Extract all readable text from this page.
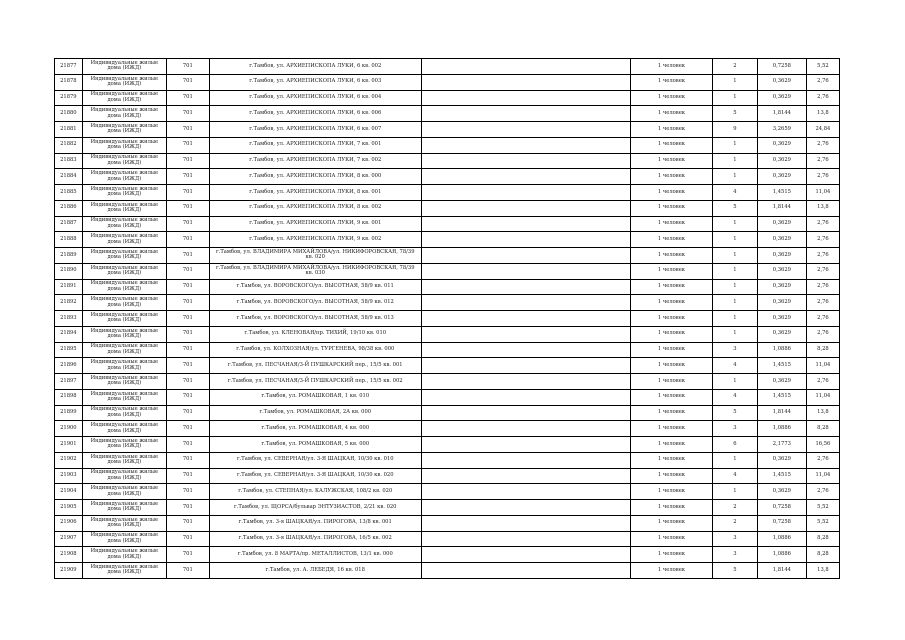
21877	Индивидуальные жилые дома (ИЖД)	701	г.Тамбов, ул. АРХИЕПИСКОПА ЛУКИ, 6 кв. 002		1 человек	2	0,7258	5,52
21878	Индивидуальные жилые дома (ИЖД)	701	г.Тамбов, ул. АРХИЕПИСКОПА ЛУКИ, 6 кв. 003		1 человек	1	0,3629	2,76
21879	Индивидуальные жилые дома (ИЖД)	701	г.Тамбов, ул. АРХИЕПИСКОПА ЛУКИ, 6 кв. 004		1 человек	1	0,3629	2,76
21880	Индивидуальные жилые дома (ИЖД)	701	г.Тамбов, ул. АРХИЕПИСКОПА ЛУКИ, 6 кв. 006		1 человек	5	1,8144	13,8
21881	Индивидуальные жилые дома (ИЖД)	701	г.Тамбов, ул. АРХИЕПИСКОПА ЛУКИ, 6 кв. 007		1 человек	9	3,2659	24,84
21882	Индивидуальные жилые дома (ИЖД)	701	г.Тамбов, ул. АРХИЕПИСКОПА ЛУКИ, 7 кв. 001		1 человек	1	0,3629	2,76
21883	Индивидуальные жилые дома (ИЖД)	701	г.Тамбов, ул. АРХИЕПИСКОПА ЛУКИ, 7 кв. 002		1 человек	1	0,3629	2,76
21884	Индивидуальные жилые дома (ИЖД)	701	г.Тамбов, ул. АРХИЕПИСКОПА ЛУКИ, 8 кв. 000		1 человек	1	0,3629	2,76
21885	Индивидуальные жилые дома (ИЖД)	701	г.Тамбов, ул. АРХИЕПИСКОПА ЛУКИ, 8 кв. 001		1 человек	4	1,4515	11,04
21886	Индивидуальные жилые дома (ИЖД)	701	г.Тамбов, ул. АРХИЕПИСКОПА ЛУКИ, 8 кв. 002		1 человек	5	1,8144	13,8
21887	Индивидуальные жилые дома (ИЖД)	701	г.Тамбов, ул. АРХИЕПИСКОПА ЛУКИ, 9 кв. 001		1 человек	1	0,3629	2,76
21888	Индивидуальные жилые дома (ИЖД)	701	г.Тамбов, ул. АРХИЕПИСКОПА ЛУКИ, 9 кв. 002		1 человек	1	0,3629	2,76
21889	Индивидуальные жилые дома (ИЖД)	701	г.Тамбов, ул. ВЛАДИМИРА МИХАЙЛОВА/ул. НИКИФОРОВСКАЯ, 78/39 кв. 020		1 человек	1	0,3629	2,76
21890	Индивидуальные жилые дома (ИЖД)	701	г.Тамбов, ул. ВЛАДИМИРА МИХАЙЛОВА/ул. НИКИФОРОВСКАЯ, 78/39 кв. 030		1 человек	1	0,3629	2,76
21891	Индивидуальные жилые дома (ИЖД)	701	г.Тамбов, ул. ВОРОВСКОГО/ул. ВЫСОТНАЯ, 58/9 кв. 011		1 человек	1	0,3629	2,76
21892	Индивидуальные жилые дома (ИЖД)	701	г.Тамбов, ул. ВОРОВСКОГО/ул. ВЫСОТНАЯ, 58/9 кв. 012		1 человек	1	0,3629	2,76
21893	Индивидуальные жилые дома (ИЖД)	701	г.Тамбов, ул. ВОРОВСКОГО/ул. ВЫСОТНАЯ, 58/9 кв. 013		1 человек	1	0,3629	2,76
21894	Индивидуальные жилые дома (ИЖД)	701	г.Тамбов, ул. КЛЕНОВАЯ/пр. ТИХИЙ, 19/10 кв. 010		1 человек	1	0,3629	2,76
21895	Индивидуальные жилые дома (ИЖД)	701	г.Тамбов, ул. КОЛХОЗНАЯ/ул. ТУРГЕНЕВА, 98/38 кв. 000		1 человек	3	1,0886	8,28
21896	Индивидуальные жилые дома (ИЖД)	701	г.Тамбов, ул. ПЕСЧАНАЯ/3-Й ПУШКАРСКИЙ пер., 15/5 кв. 001		1 человек	4	1,4515	11,04
21897	Индивидуальные жилые дома (ИЖД)	701	г.Тамбов, ул. ПЕСЧАНАЯ/3-Й ПУШКАРСКИЙ пер., 15/5 кв. 002		1 человек	1	0,3629	2,76
21898	Индивидуальные жилые дома (ИЖД)	701	г.Тамбов, ул. РОМАШКОВАЯ, 1 кв. 010		1 человек	4	1,4515	11,04
21899	Индивидуальные жилые дома (ИЖД)	701	г.Тамбов, ул. РОМАШКОВАЯ, 2А кв. 000		1 человек	5	1,8144	13,8
21900	Индивидуальные жилые дома (ИЖД)	701	г.Тамбов, ул. РОМАШКОВАЯ, 4 кв. 000		1 человек	3	1,0886	8,28
21901	Индивидуальные жилые дома (ИЖД)	701	г.Тамбов, ул. РОМАШКОВАЯ, 5 кв. 000		1 человек	6	2,1773	16,56
21902	Индивидуальные жилые дома (ИЖД)	701	г.Тамбов, ул. СЕВЕРНАЯ/ул. 3-Я ШАЦКАЯ, 10/30 кв. 010		1 человек	1	0,3629	2,76
21903	Индивидуальные жилые дома (ИЖД)	701	г.Тамбов, ул. СЕВЕРНАЯ/ул. 3-Я ШАЦКАЯ, 10/30 кв. 020		1 человек	4	1,4515	11,04
21904	Индивидуальные жилые дома (ИЖД)	701	г.Тамбов, ул. СТЕПНАЯ/ул. КАЛУЖСКАЯ, 108/2 кв. 020		1 человек	1	0,3629	2,76
21905	Индивидуальные жилые дома (ИЖД)	701	г.Тамбов, ул. ЩОРСА/бульвар ЭНТУЗИАСТОВ, 2/21 кв. 020		1 человек	2	0,7258	5,52
21906	Индивидуальные жилые дома (ИЖД)	701	г.Тамбов, ул. 3-я ШАЦКАЯ/ул. ПИРОГОВА, 13/8 кв. 001		1 человек	2	0,7258	5,52
21907	Индивидуальные жилые дома (ИЖД)	701	г.Тамбов, ул. 3-я ШАЦКАЯ/ул. ПИРОГОВА, 16/5 кв. 002		1 человек	3	1,0886	8,28
21908	Индивидуальные жилые дома (ИЖД)	701	г.Тамбов, ул. 8 МАРТА/пр. МЕТАЛЛИСТОВ, 13/1 кв. 000		1 человек	3	1,0886	8,28
21909	Индивидуальные жилые дома (ИЖД)	701	г.Тамбов, ул. А. ЛЕБЕДЯ, 16 кв. 018		1 человек	5	1,8144	13,8
